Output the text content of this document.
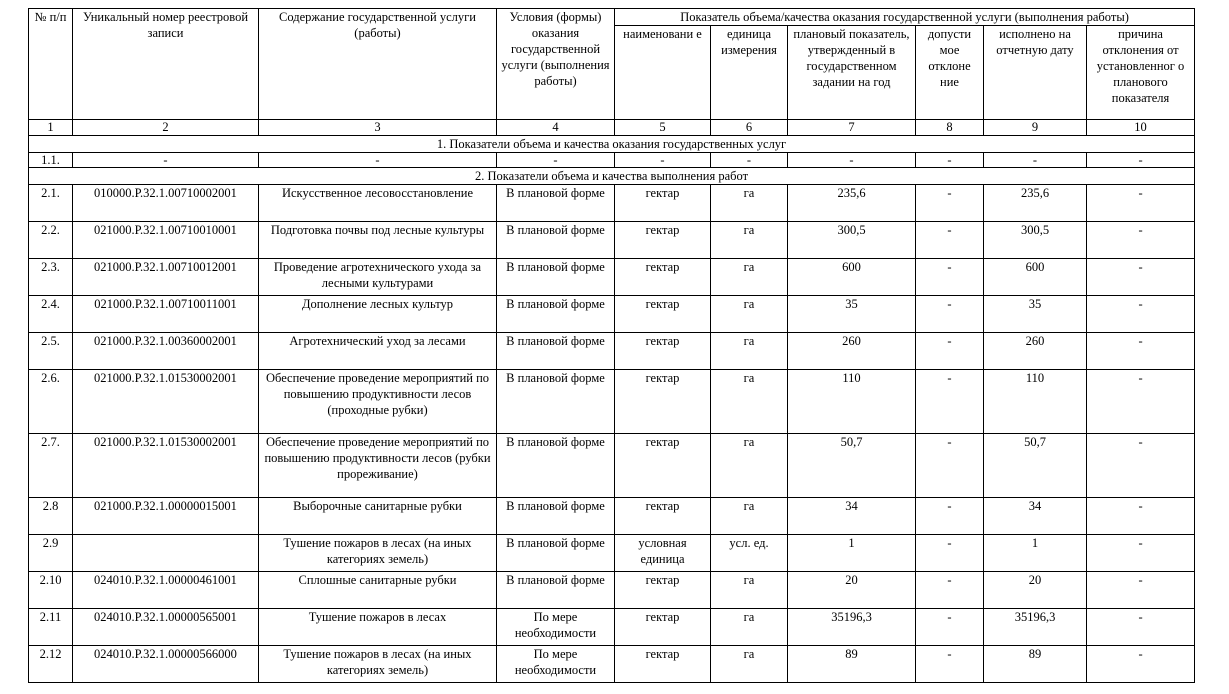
№ п/п	Уникальный номер реестровой записи	Содержание государственной услуги (работы)	Условия (формы) оказания государственной услуги (выполнения работы)	Показатель объема/качества оказания государственной услуги (выполнения работы)					
				наименовани е	единица измерения	плановый показатель, утвержденный в государственном задании на год	допусти мое отклоне ние	исполнено на отчетную дату	причина отклонения от установленног о планового показателя
1	2	3	4	5	6	7	8	9	10
1. Показатели объема и качества оказания государственных услуг									
1.1.	-	-	-	-	-	-	-	-	-
2. Показатели объема и качества выполнения работ									
2.1.	010000.Р.32.1.00710002001	Искусственное лесовосстановление	В плановой форме	гектар	га	235,6	-	235,6	-
2.2.	021000.Р.32.1.00710010001	Подготовка почвы под лесные культуры	В плановой форме	гектар	га	300,5	-	300,5	-
2.3.	021000.Р.32.1.00710012001	Проведение агротехнического ухода за лесными культурами	В плановой форме	гектар	га	600	-	600	-
2.4.	021000.Р.32.1.00710011001	Дополнение лесных культур	В плановой форме	гектар	га	35	-	35	-
2.5.	021000.Р.32.1.00360002001	Агротехнический уход за лесами	В плановой форме	гектар	га	260	-	260	-
2.6.	021000.Р.32.1.01530002001	Обеспечение проведение мероприятий по повышению продуктивности лесов (проходные рубки)	В плановой форме	гектар	га	110	-	110	-
2.7.	021000.Р.32.1.01530002001	Обеспечение проведение мероприятий по повышению продуктивности лесов (рубки прореживание)	В плановой форме	гектар	га	50,7	-	50,7	-
2.8	021000.Р.32.1.00000015001	Выборочные санитарные рубки	В плановой форме	гектар	га	34	-	34	-
2.9		Тушение пожаров в лесах (на иных категориях земель)	В плановой форме	условная единица	усл. ед.	1	-	1	-
2.10	024010.Р.32.1.00000461001	Сплошные санитарные рубки	В плановой форме	гектар	га	20	-	20	-
2.11	024010.Р.32.1.00000565001	Тушение пожаров в лесах	По мере необходимости	гектар	га	35196,3	-	35196,3	-
2.12	024010.Р.32.1.00000566000	Тушение пожаров в лесах (на иных категориях земель)	По мере необходимости	гектар	га	89	-	89	-
